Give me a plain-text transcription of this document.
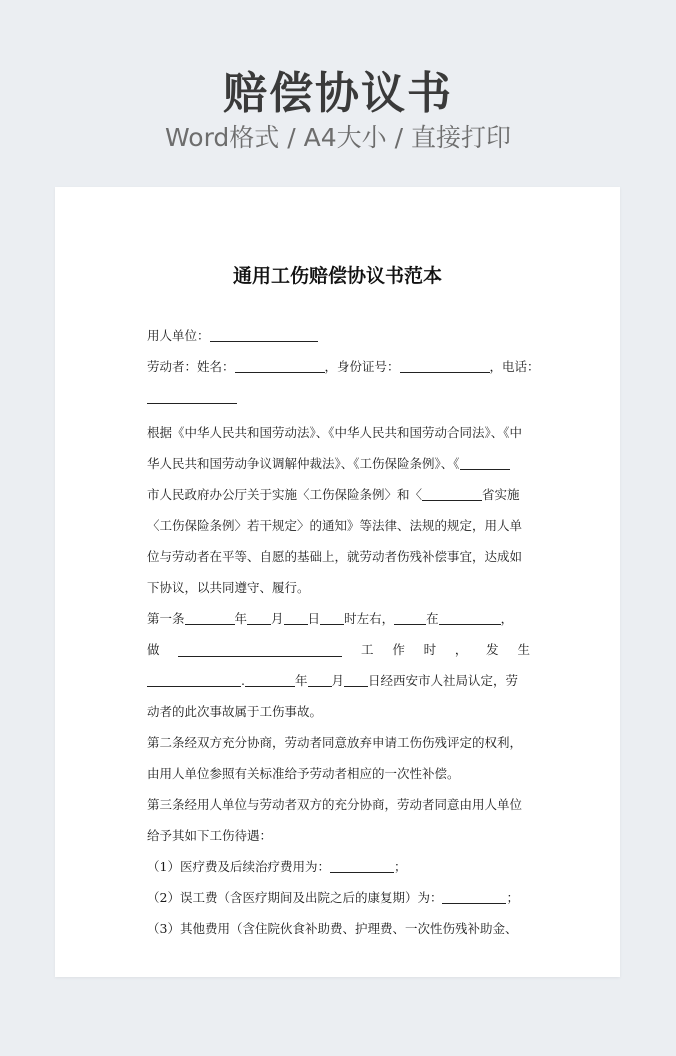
赔偿协议书
Word格式 / A4大小 / 直接打印
通用工伤赔偿协议书范本
用人单位：
劳动者：姓名：	，身份证号：	，电话：
根据《中华人民共和国劳动法》、《中华人民共和国劳动合同法》、《中
华人民共和国劳动争议调解仲裁法》、《工伤保险条例》、《
市人民政府办公厅关于实施〈工伤保险条例〉和〈	省实施
〈工伤保险条例〉若干规定〉的通知》等法律、法规的规定，用人单
位与劳动者在平等、自愿的基础上，就劳动者伤残补偿事宜，达成如
下协议，以共同遵守、履行。
第一条	年 月 日 时左右，	在	，
做	工 作 时 ， 发 生
.	年 月 日经西安市人社局认定，劳
动者的此次事故属于工伤事故。
第二条经双方充分协商，劳动者同意放弃申请工伤伤残评定的权利，
由用人单位参照有关标准给予劳动者相应的一次性补偿。
第三条经用人单位与劳动者双方的充分协商，劳动者同意由用人单位
给予其如下工伤待遇：
（1）医疗费及后续治疗费用为：	；
（2）误工费（含医疗期间及出院之后的康复期）为：	；
（3）其他费用（含住院伙食补助费、护理费、一次性伤残补助金、
